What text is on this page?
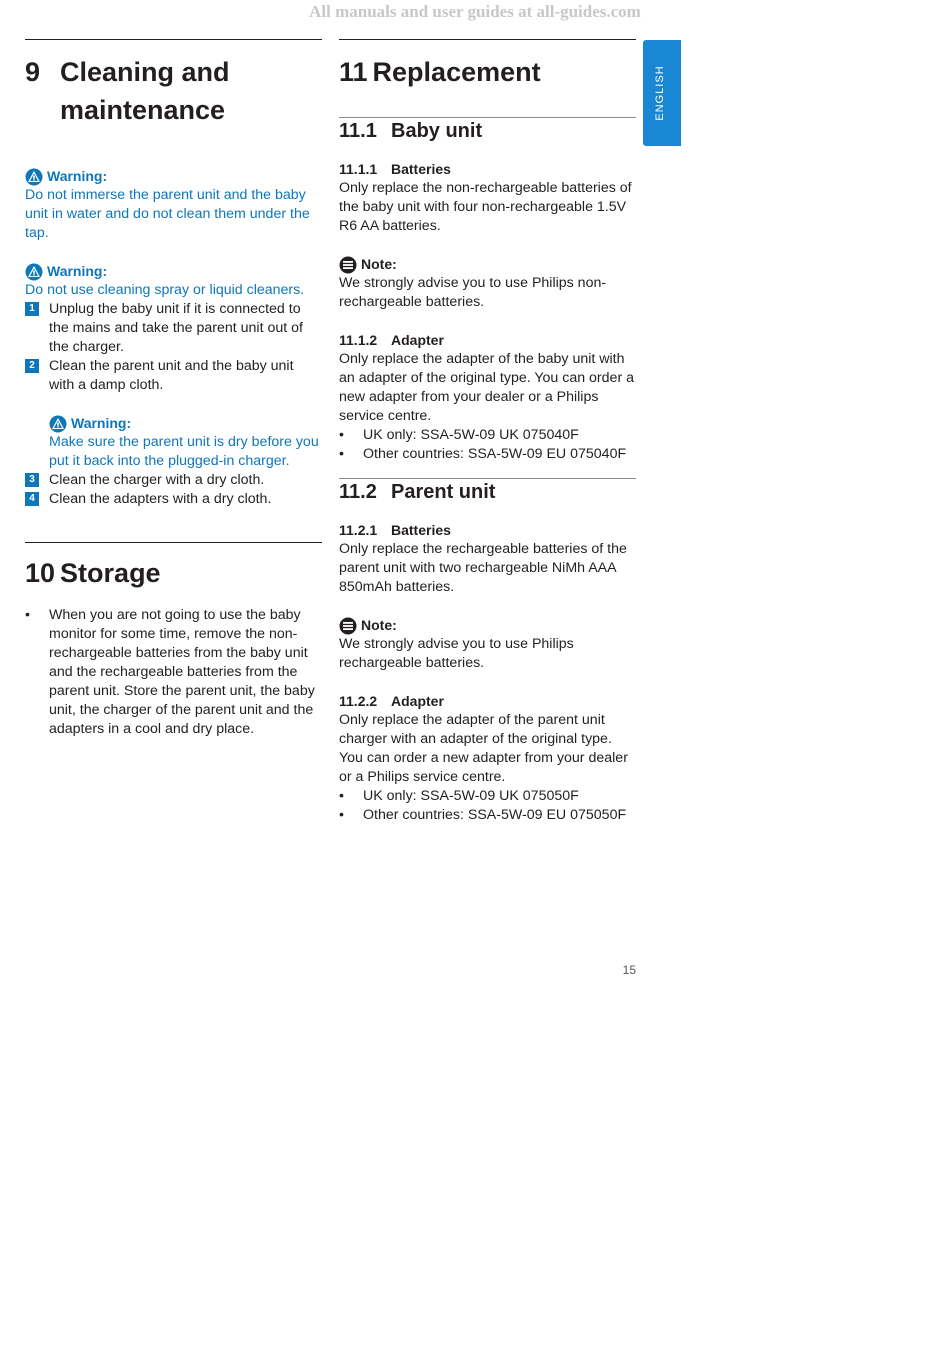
All manuals and user guides at all-guides.com
9 Cleaning and
maintenance
Warning:
Do not immerse the parent unit and the baby unit in water and do not clean them under the tap.
Warning:
Do not use cleaning spray or liquid cleaners.
1 Unplug the baby unit if it is connected to the mains and take the parent unit out of the charger.
2 Clean the parent unit and the baby unit with a damp cloth.
Warning:
Make sure the parent unit is dry before you put it back into the plugged-in charger.
3 Clean the charger with a dry cloth.
4 Clean the adapters with a dry cloth.
10 Storage
•	When you are not going to use the baby monitor for some time, remove the non-rechargeable batteries from the baby unit and the rechargeable batteries from the parent unit. Store the parent unit, the baby unit, the charger of the parent unit and the adapters in a cool and dry place.
11 Replacement
11.1 Baby unit
11.1.1 Batteries
Only replace the non-rechargeable batteries of the baby unit with four non-rechargeable 1.5V R6 AA batteries.
Note:
We strongly advise you to use Philips non-rechargeable batteries.
11.1.2 Adapter
Only replace the adapter of the baby unit with an adapter of the original type. You can order a new adapter from your dealer or a Philips service centre.
•	UK only: SSA-5W-09 UK 075040F
•	Other countries: SSA-5W-09 EU 075040F
11.2 Parent unit
11.2.1 Batteries
Only replace the rechargeable batteries of the parent unit with two rechargeable NiMh AAA 850mAh batteries.
Note:
We strongly advise you to use Philips rechargeable batteries.
11.2.2 Adapter
Only replace the adapter of the parent unit charger with an adapter of the original type. You can order a new adapter from your dealer or a Philips service centre.
•	UK only: SSA-5W-09 UK 075050F
•	Other countries: SSA-5W-09 EU 075050F
ENGLISH
15
